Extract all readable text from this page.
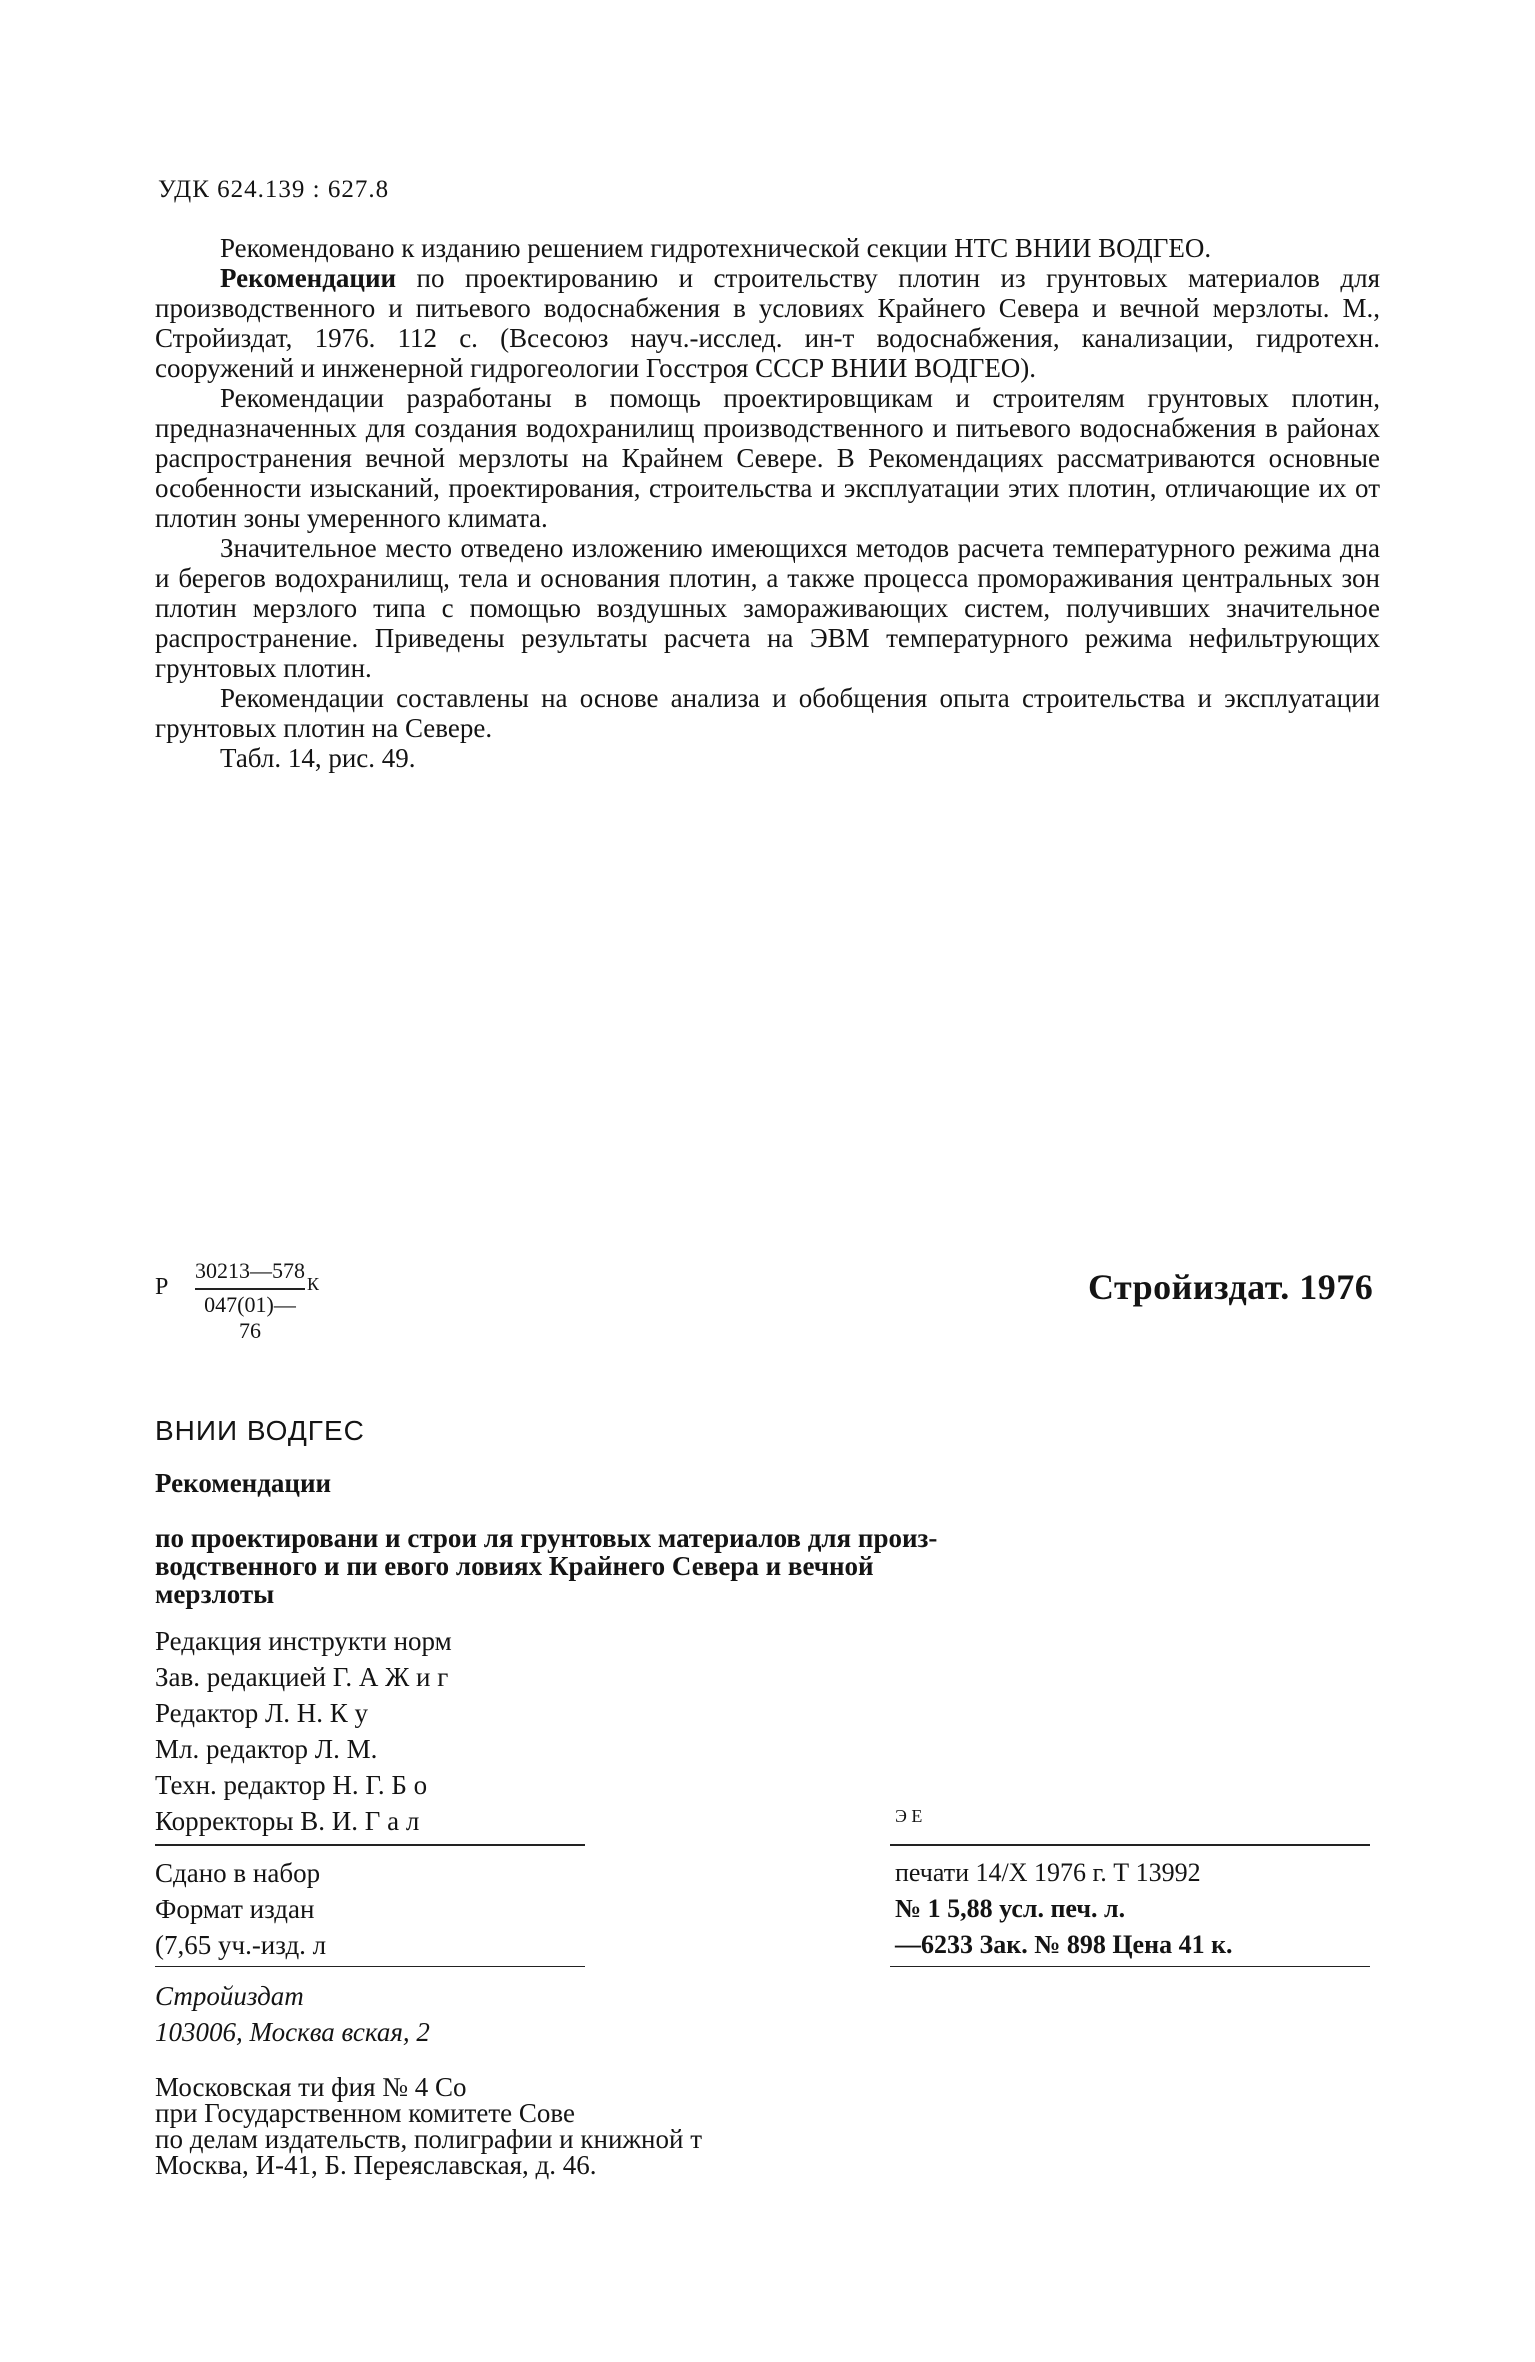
УДК 624.139 : 627.8

Рекомендовано к изданию решением гидротехнической секции НТС ВНИИ ВОДГЕО.

Рекомендации по проектированию и строительству плотин из грунтовых материалов для производственного и питьевого водоснабжения в условиях Крайнего Севера и вечной мерзлоты. М., Стройиздат, 1976. 112 с. (Всесоюз науч.-исслед. ин-т водоснабжения, канализации, гидротехн. сооружений и инженерной гидрогеологии Госстроя СССР ВНИИ ВОДГЕО).

Рекомендации разработаны в помощь проектировщикам и строителям грунтовых плотин, предназначенных для создания водохранилищ производственного и питьевого водоснабжения в районах распространения вечной мерзлоты на Крайнем Севере. В Рекомендациях рассматриваются основные особенности изысканий, проектирования, строительства и эксплуатации этих плотин, отличающие их от плотин зоны умеренного климата.

Значительное место отведено изложению имеющихся методов расчета температурного режима дна и берегов водохранилищ, тела и основания плотин, а также процесса промораживания центральных зон плотин мерзлого типа с помощью воздушных замораживающих систем, получивших значительное распространение. Приведены результаты расчета на ЭВМ температурного режима нефильтрующих грунтовых плотин.

Рекомендации составлены на основе анализа и обобщения опыта строительства и эксплуатации грунтовых плотин на Севере.

Табл. 14, рис. 49.

Р
30213—578
047(01)—76
К	Стройиздат. 1976
ВНИИ ВОДГЕС
Рекомендации
по проектировани и строи ля грунтовых материалов для произ-
водственного и пи евого ловиях Крайнего Севера и вечной
мерзлоты
Редакция инструкти норм
Зав. редакцией Г. А Ж и г
Редактор Л. Н. К у
Мл. редактор Л. М.
Техн. редактор Н. Г. Б о
Корректоры В. И. Г а л	Э Е
Сдано в набор
Формат издан
(7,65 уч.-изд. л
печати 14/X 1976 г. Т 13992
№ 1 5,88 усл. печ. л.
—6233 Зак. № 898 Цена 41 к.
Стройиздат
103006, Москва вская, 2
Московская ти фия № 4 Со
при Государственном комитете Сове
по делам издательств, полиграфии и книжной т
Москва, И-41, Б. Переяславская, д. 46.
